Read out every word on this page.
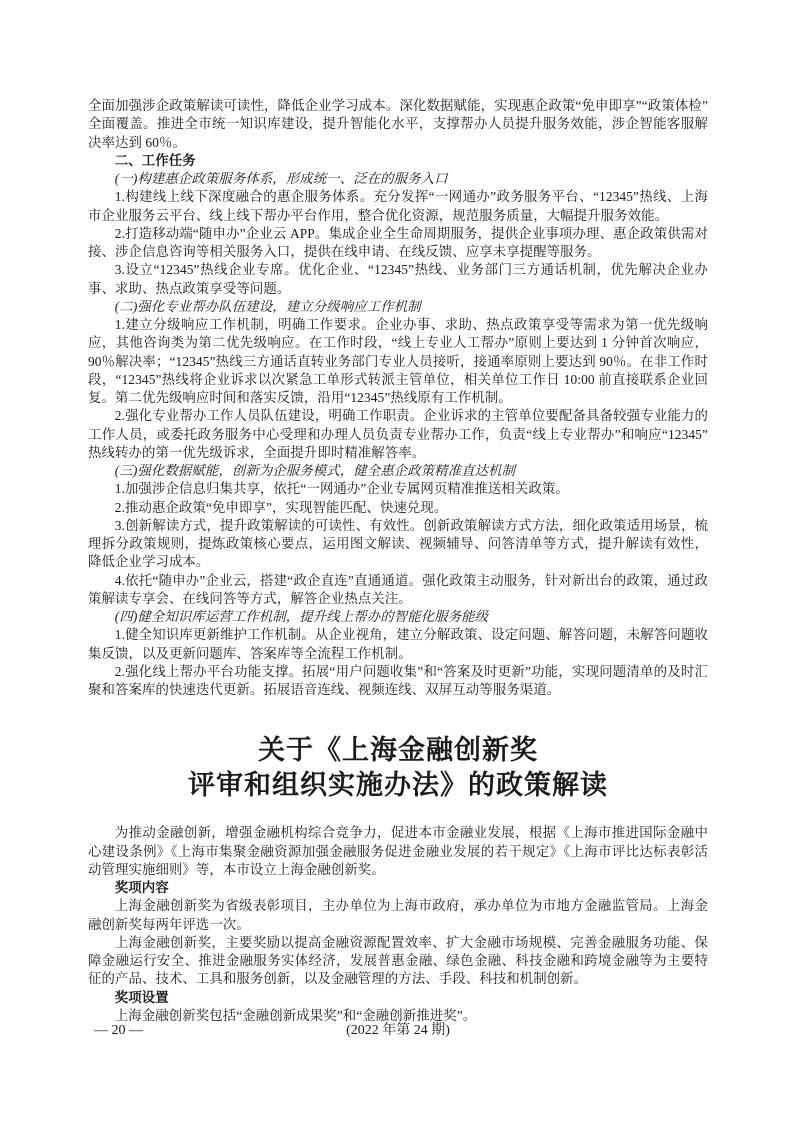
全面加强涉企政策解读可读性，降低企业学习成本。深化数据赋能，实现惠企政策“免申即享”“政策体检”全面覆盖。推进全市统一知识库建设，提升智能化水平，支撑帮办人员提升服务效能，涉企智能客服解决率达到 60％。

二、工作任务

(一)构建惠企政策服务体系，形成统一、泛在的服务入口

1.构建线上线下深度融合的惠企服务体系。充分发挥“一网通办”政务服务平台、“12345”热线、上海市企业服务云平台、线上线下帮办平台作用，整合优化资源，规范服务质量，大幅提升服务效能。

2.打造移动端“随申办”企业云 APP。集成企业全生命周期服务，提供企业事项办理、惠企政策供需对接、涉企信息咨询等相关服务入口，提供在线申请、在线反馈、应享未享提醒等服务。

3.设立“12345”热线企业专席。优化企业、“12345”热线、业务部门三方通话机制，优先解决企业办事、求助、热点政策享受等问题。

(二)强化专业帮办队伍建设，建立分级响应工作机制

1.建立分级响应工作机制，明确工作要求。企业办事、求助、热点政策享受等需求为第一优先级响应，其他咨询类为第二优先级响应。在工作时段，“线上专业人工帮办”原则上要达到 1 分钟首次响应，90％解决率；“12345”热线三方通话直转业务部门专业人员接听，接通率原则上要达到 90％。在非工作时段，“12345”热线将企业诉求以次紧急工单形式转派主管单位，相关单位工作日 10:00 前直接联系企业回复。第二优先级响应时间和落实反馈，沿用“12345”热线原有工作机制。

2.强化专业帮办工作人员队伍建设，明确工作职责。企业诉求的主管单位要配备具备较强专业能力的工作人员，或委托政务服务中心受理和办理人员负责专业帮办工作，负责“线上专业帮办”和响应“12345”热线转办的第一优先级诉求，全面提升即时精准解答率。

(三)强化数据赋能，创新为企服务模式，健全惠企政策精准直达机制

1.加强涉企信息归集共享，依托“一网通办”企业专属网页精准推送相关政策。

2.推动惠企政策“免申即享”，实现智能匹配、快速兑现。

3.创新解读方式，提升政策解读的可读性、有效性。创新政策解读方式方法，细化政策适用场景，梳理拆分政策规则，提炼政策核心要点，运用图文解读、视频辅导、问答清单等方式，提升解读有效性，降低企业学习成本。

4.依托“随申办”企业云，搭建“政企直连”直通通道。强化政策主动服务，针对新出台的政策，通过政策解读专享会、在线问答等方式，解答企业热点关注。

(四)健全知识库运营工作机制，提升线上帮办的智能化服务能级

1.健全知识库更新维护工作机制。从企业视角，建立分解政策、设定问题、解答问题，未解答问题收集反馈，以及更新问题库、答案库等全流程工作机制。

2.强化线上帮办平台功能支撑。拓展“用户问题收集”和“答案及时更新”功能，实现问题清单的及时汇聚和答案库的快速迭代更新。拓展语音连线、视频连线、双屏互动等服务渠道。

关于《上海金融创新奖
评审和组织实施办法》的政策解读

为推动金融创新，增强金融机构综合竞争力，促进本市金融业发展，根据《上海市推进国际金融中心建设条例》《上海市集聚金融资源加强金融服务促进金融业发展的若干规定》《上海市评比达标表彰活动管理实施细则》等，本市设立上海金融创新奖。

奖项内容

上海金融创新奖为省级表彰项目，主办单位为上海市政府，承办单位为市地方金融监管局。上海金融创新奖每两年评选一次。

上海金融创新奖，主要奖励以提高金融资源配置效率、扩大金融市场规模、完善金融服务功能、保障金融运行安全、推进金融服务实体经济，发展普惠金融、绿色金融、科技金融和跨境金融等为主要特征的产品、技术、工具和服务创新，以及金融管理的方法、手段、科技和机制创新。

奖项设置

上海金融创新奖包括“金融创新成果奖”和“金融创新推进奖”。

— 20 —	(2022 年第 24 期)
